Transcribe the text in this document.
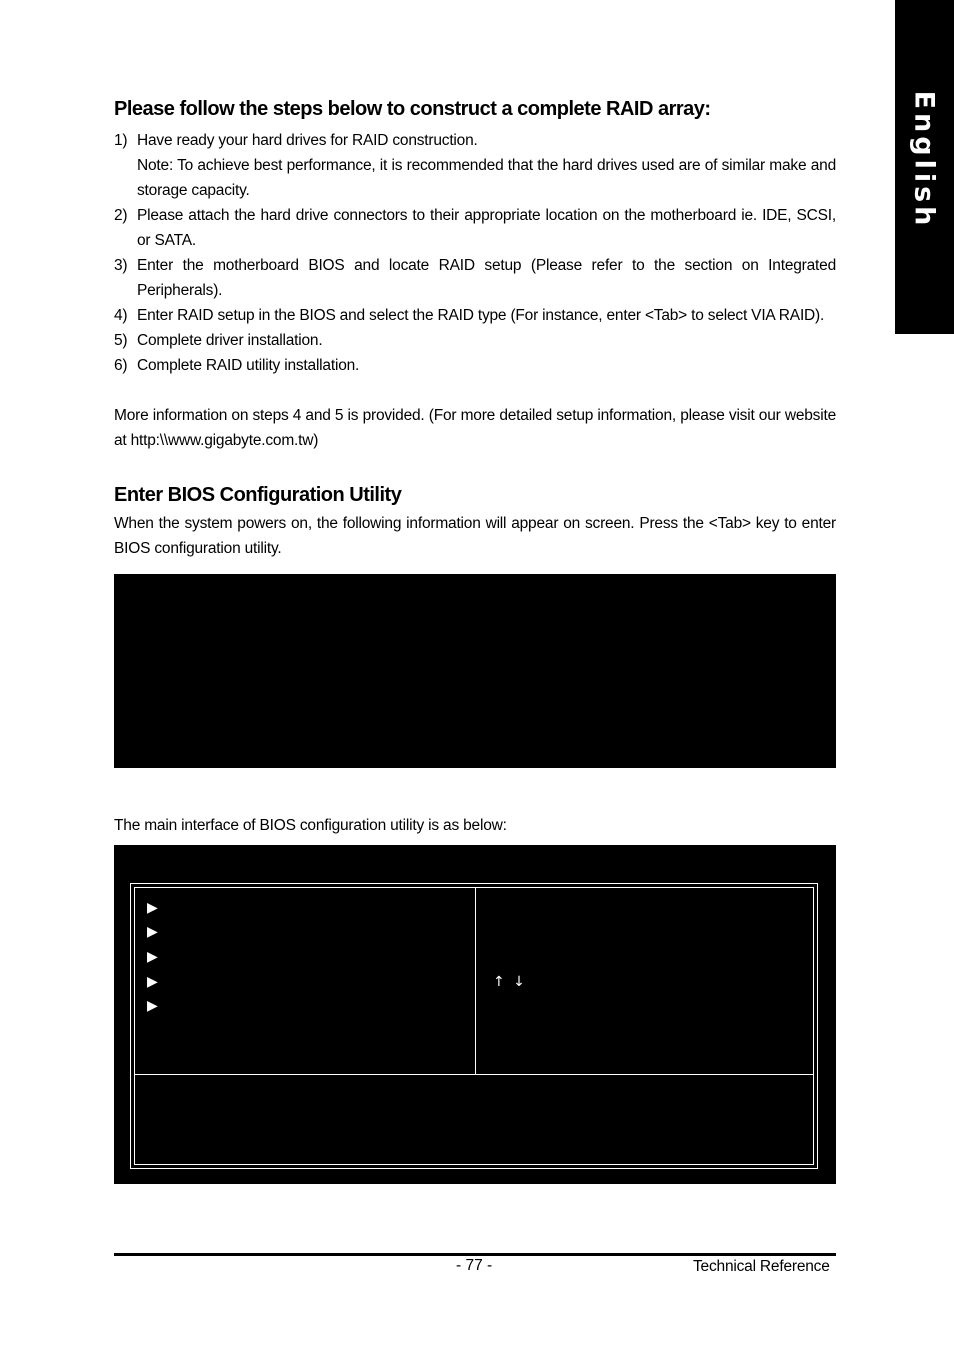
English
Please follow the steps below to construct a complete RAID array:
1) Have ready your hard drives for RAID construction.
Note: To achieve best performance, it is recommended that the hard drives used are of similar make and storage capacity.
2) Please attach the hard drive connectors to their appropriate location on the motherboard ie. IDE, SCSI, or SATA.
3) Enter the motherboard BIOS and locate RAID setup (Please refer to the section on Integrated Peripherals).
4) Enter RAID setup in the BIOS and select the RAID type (For instance, enter <Tab> to select VIA RAID).
5) Complete driver installation.
6) Complete RAID utility installation.
More information on steps 4 and 5 is provided. (For more detailed setup information, please visit our website at http:\\www.gigabyte.com.tw)
Enter BIOS Configuration Utility
When the system powers on, the following information will appear on screen. Press the <Tab> key to enter BIOS configuration utility.
The main interface of BIOS configuration utility is as below:
▶
▶
▶
▶
▶
↑ ↓
- 77 -	Technical Reference
